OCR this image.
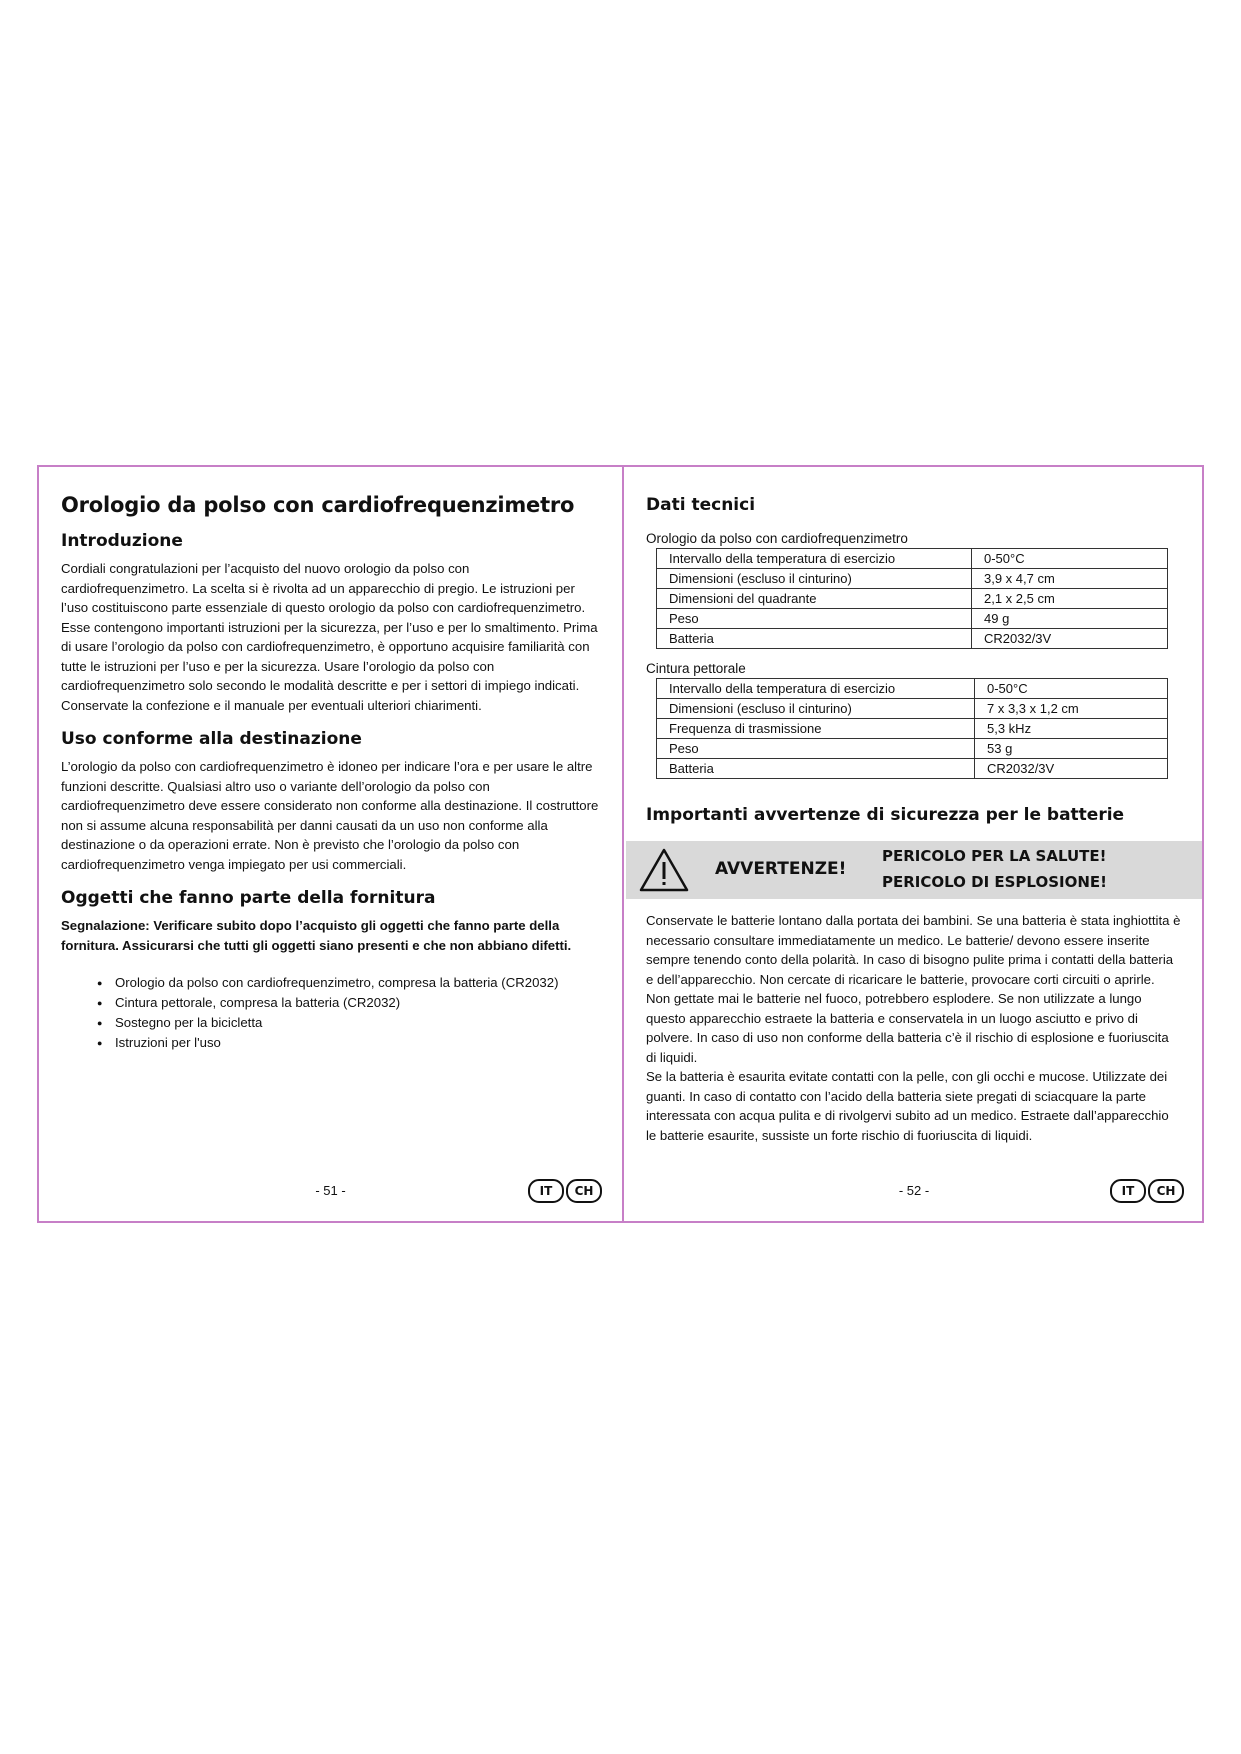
Orologio da polso con cardiofrequenzimetro
Introduzione

Cordiali congratulazioni per l’acquisto del nuovo orologio da polso con cardiofrequenzimetro. La scelta si è rivolta ad un apparecchio di pregio. Le istruzioni per l’uso costituiscono parte essenziale di questo orologio da polso con cardiofrequenzimetro. Esse contengono importanti istruzioni per la sicurezza, per l’uso e per lo smaltimento. Prima di usare l’orologio da polso con cardiofrequenzimetro, è opportuno acquisire familiarità con tutte le istruzioni per l’uso e per la sicurezza. Usare l’orologio da polso con cardiofrequenzimetro solo secondo le modalità descritte e per i settori di impiego indicati. Conservate la confezione e il manuale per eventuali ulteriori chiarimenti.

Uso conforme alla destinazione

L’orologio da polso con cardiofrequenzimetro è idoneo per indicare l’ora e per usare le altre funzioni descritte. Qualsiasi altro uso o variante dell’orologio da polso con cardiofrequenzimetro deve essere considerato non conforme alla destinazione. Il costruttore non si assume alcuna responsabilità per danni causati da un uso non conforme alla destinazione o da operazioni errate. Non è previsto che l’orologio da polso con cardiofrequenzimetro venga impiegato per usi commerciali.

Oggetti che fanno parte della fornitura

Segnalazione: Verificare subito dopo l’acquisto gli oggetti che fanno parte della fornitura. Assicurarsi che tutti gli oggetti siano presenti e che non abbiano difetti.

● Orologio da polso con cardiofrequenzimetro, compresa la batteria (CR2032)
● Cintura pettorale, compresa la batteria (CR2032)
● Sostegno per la bicicletta
● Istruzioni per l'uso
- 51 -	IT	CH
Dati tecnici
Orologio da polso con cardiofrequenzimetro
Intervallo della temperatura di esercizio	0-50°C
Dimensioni (escluso il cinturino)	3,9 x 4,7 cm
Dimensioni del quadrante	2,1 x 2,5 cm
Peso	49 g
Batteria	CR2032/3V
Cintura pettorale
Intervallo della temperatura di esercizio	0-50°C
Dimensioni (escluso il cinturino)	7 x 3,3 x 1,2 cm
Frequenza di trasmissione	5,3 kHz
Peso	53 g
Batteria	CR2032/3V
Importanti avvertenze di sicurezza per le batterie
AVVERTENZE!
PERICOLO PER LA SALUTE!
PERICOLO DI ESPLOSIONE!

Conservate le batterie lontano dalla portata dei bambini. Se una batteria è stata inghiottita è necessario consultare immediatamente un medico. Le batterie/ devono essere inserite sempre tenendo conto della polarità. In caso di bisogno pulite prima i contatti della batteria e dell’apparecchio. Non cercate di ricaricare le batterie, provocare corti circuiti o aprirle. Non gettate mai le batterie nel fuoco, potrebbero esplodere. Se non utilizzate a lungo questo apparecchio estraete la batteria e conservatela in un luogo asciutto e privo di polvere. In caso di uso non conforme della batteria c’è il rischio di esplosione e fuoriuscita di liquidi.

Se la batteria è esaurita evitate contatti con la pelle, con gli occhi e mucose. Utilizzate dei guanti. In caso di contatto con l’acido della batteria siete pregati di sciacquare la parte interessata con acqua pulita e di rivolgervi subito ad un medico. Estraete dall’apparecchio le batterie esaurite, sussiste un forte rischio di fuoriuscita di liquidi.

- 52 -	IT	CH
